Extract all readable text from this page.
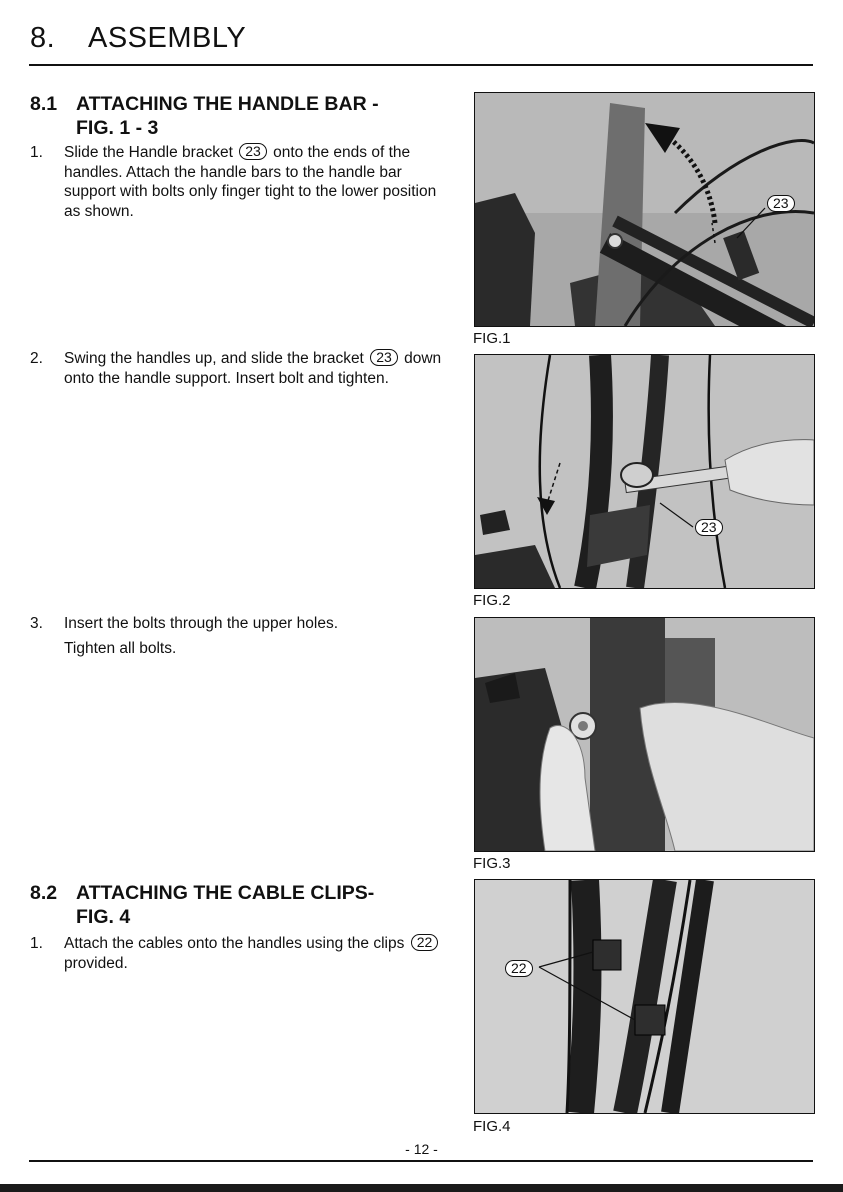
8. ASSEMBLY
8.1 ATTACHING THE HANDLE BAR -
FIG. 1 - 3
1. Slide the Handle bracket 23 onto the ends of the handles. Attach the handle bars to the handle bar support with bolts only finger tight to the lower position as shown.
2. Swing the handles up, and slide the bracket 23 down onto the handle support. Insert bolt and tighten.
3. Insert the bolts through the upper holes.
Tighten all bolts.
8.2 ATTACHING THE CABLE CLIPS-
FIG. 4
1. Attach the cables onto the handles using the clips 22 provided.
23
FIG.1
23
FIG.2
FIG.3
22
FIG.4
- 12 -
